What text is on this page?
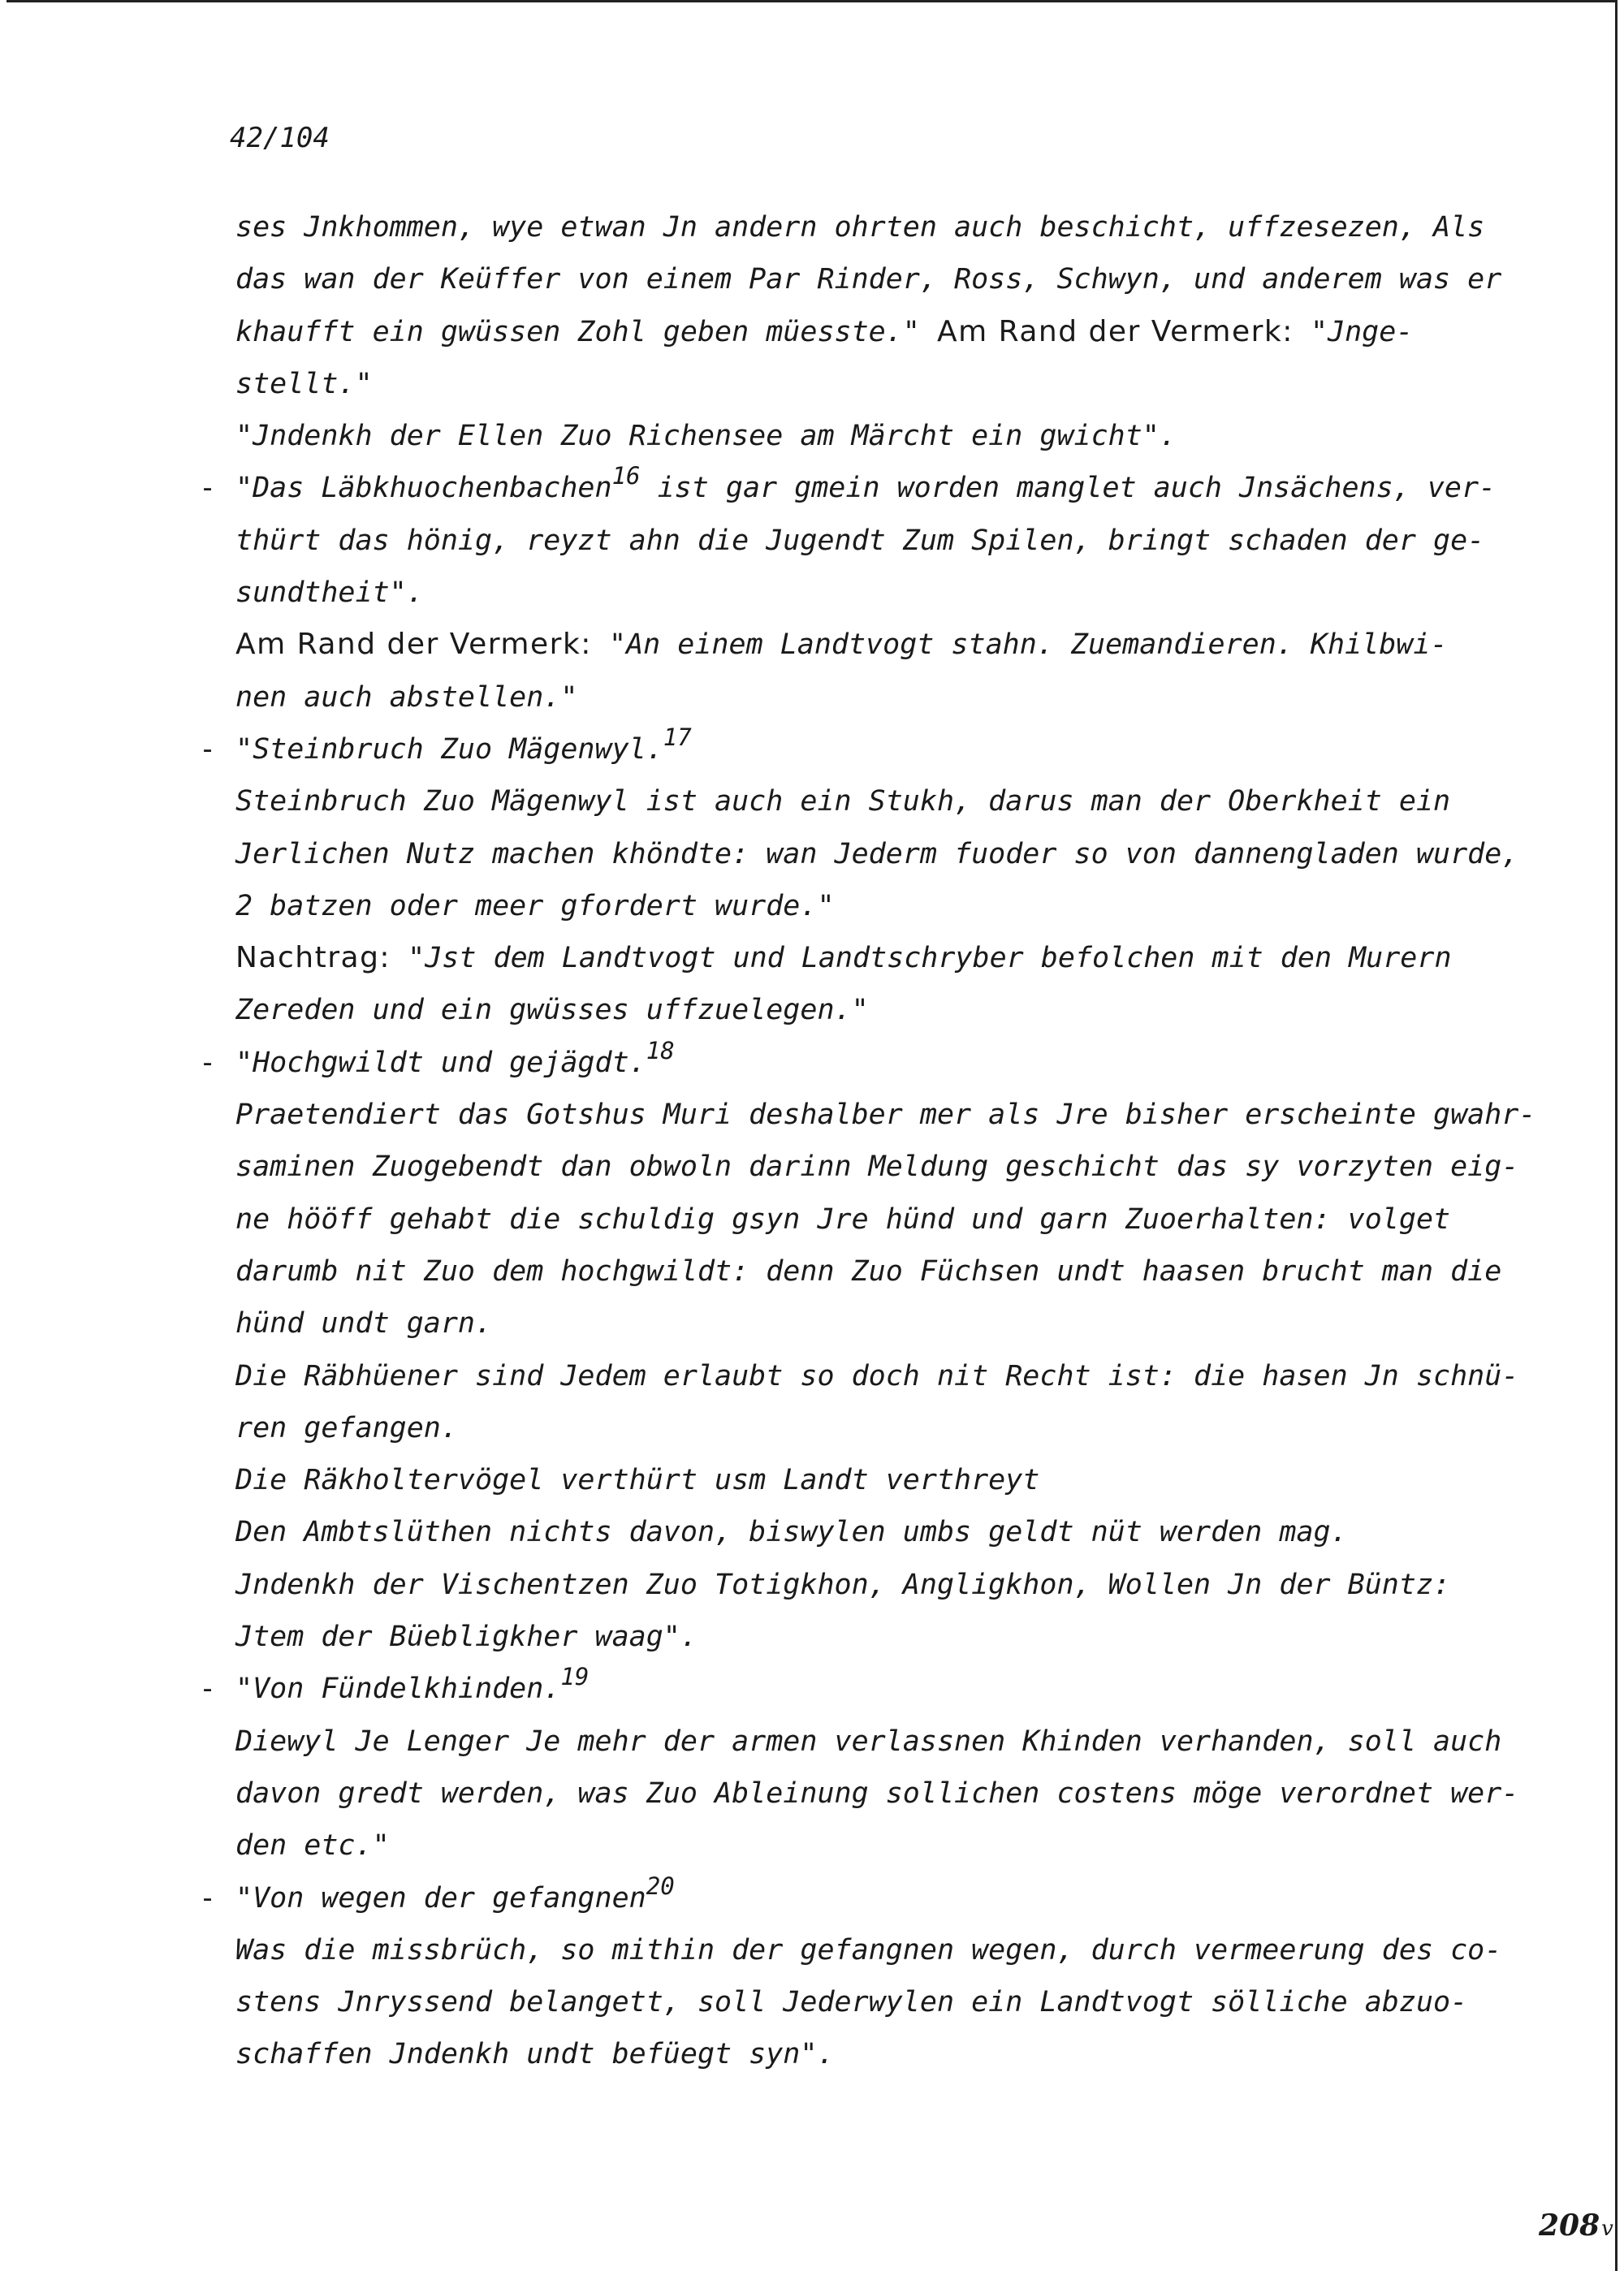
42/104
ses Jnkhommen, wye etwan Jn andern ohrten auch beschicht, uffzesezen, Als
das wan der Keüffer von einem Par Rinder, Ross, Schwyn, und anderem was er
khaufft ein gwüssen Zohl geben müesste." Am Rand der Vermerk: "Jnge-
stellt."
"Jndenkh der Ellen Zuo Richensee am Märcht ein gwicht".
- "Das Läbkhuochenbachen$^{16}$ ist gar gmein worden manglet auch Jnsächens, ver-
thürt das hönig, reyzt ahn die Jugendt Zum Spilen, bringt schaden der ge-
sundtheit".
Am Rand der Vermerk: "An einem Landtvogt stahn. Zuemandieren. Khilbwi-
nen auch abstellen."
- "Steinbruch Zuo Mägenwyl.$^{17}$
Steinbruch Zuo Mägenwyl ist auch ein Stukh, darus man der Oberkheit ein
Jerlichen Nutz machen khöndte: wan Jederm fuoder so von dannengladen wurde,
2 batzen oder meer gfordert wurde."
Nachtrag: "Jst dem Landtvogt und Landtschryber befolchen mit den Murern
Zereden und ein gwüsses uffzuelegen."
- "Hochgwildt und gejägdt.$^{18}$
Praetendiert das Gotshus Muri deshalber mer als Jre bisher erscheinte gwahr-
saminen Zuogebendt dan obwoln darinn Meldung geschicht das sy vorzyten eig-
ne hööff gehabt die schuldig gsyn Jre hünd und garn Zuoerhalten: volget
darumb nit Zuo dem hochgwildt: denn Zuo Füchsen undt haasen brucht man die
hünd undt garn.
Die Räbhüener sind Jedem erlaubt so doch nit Recht ist: die hasen Jn schnü-
ren gefangen.
Die Räkholtervögel verthürt usm Landt verthreyt
Den Ambtslüthen nichts davon, biswylen umbs geldt nüt werden mag.
Jndenkh der Vischentzen Zuo Totigkhon, Angligkhon, Wollen Jn der Büntz:
Jtem der Büebligkher waag".
- "Von Fündelkhinden.$^{19}$
Diewyl Je Lenger Je mehr der armen verlassnen Khinden verhanden, soll auch
davon gredt werden, was Zuo Ableinung sollichen costens möge verordnet wer-
den etc."
- "Von wegen der gefangnen$^{20}$
Was die missbrüch, so mithin der gefangnen wegen, durch vermeerung des co-
stens Jnryssend belangett, soll Jederwylen ein Landtvogt sölliche abzuo-
schaffen Jndenkh undt befüegt syn".
208v
